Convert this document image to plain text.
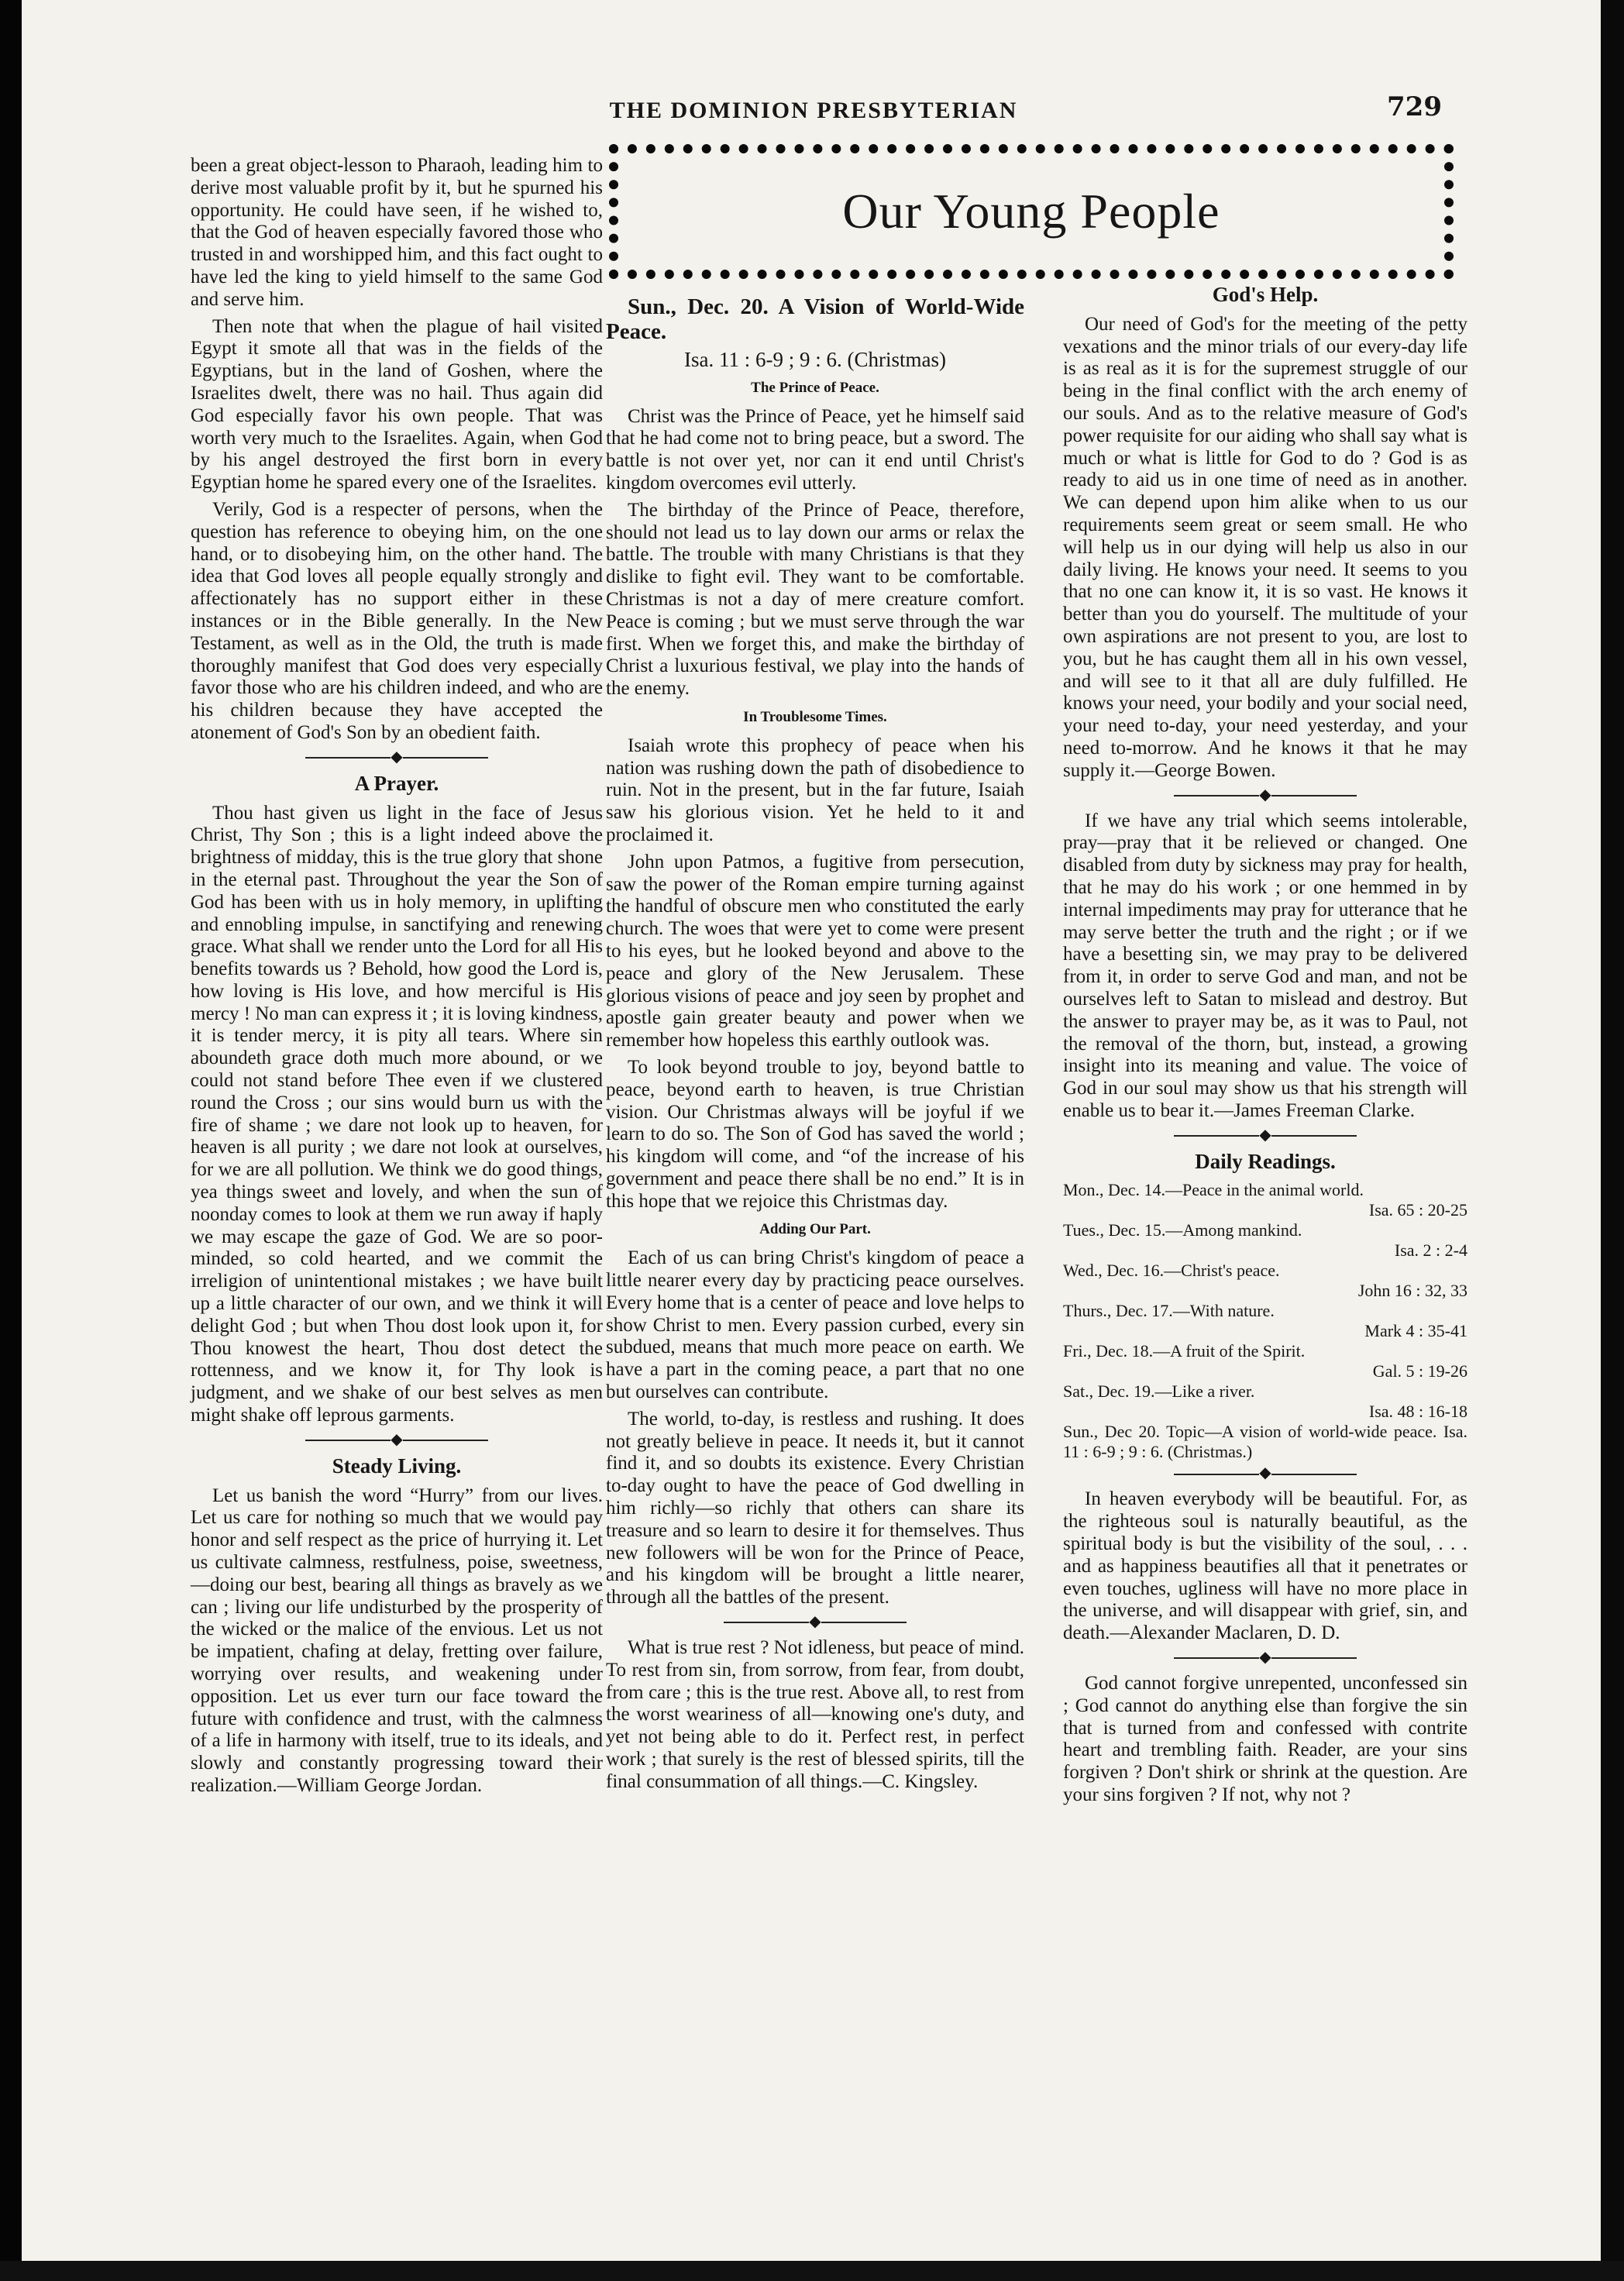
THE DOMINION PRESBYTERIAN	729
Our Young People

been a great object-lesson to Pharaoh, leading him to derive most valuable profit by it, but he spurned his opportunity. He could have seen, if he wished to, that the God of heaven especially favored those who trusted in and worshipped him, and this fact ought to have led the king to yield himself to the same God and serve him.

Then note that when the plague of hail visited Egypt it smote all that was in the fields of the Egyptians, but in the land of Goshen, where the Israelites dwelt, there was no hail. Thus again did God especially favor his own people. That was worth very much to the Israelites. Again, when God by his angel destroyed the first born in every Egyptian home he spared every one of the Israelites.

Verily, God is a respecter of persons, when the question has reference to obeying him, on the one hand, or to disobeying him, on the other hand. The idea that God loves all people equally strongly and affectionately has no support either in these instances or in the Bible generally. In the New Testament, as well as in the Old, the truth is made thoroughly manifest that God does very especially favor those who are his children indeed, and who are his children because they have accepted the atonement of God's Son by an obedient faith.

◆
A Prayer.

Thou hast given us light in the face of Jesus Christ, Thy Son ; this is a light indeed above the brightness of midday, this is the true glory that shone in the eternal past. Throughout the year the Son of God has been with us in holy memory, in uplifting and ennobling impulse, in sanctifying and renewing grace. What shall we render unto the Lord for all His benefits towards us ? Behold, how good the Lord is, how loving is His love, and how merciful is His mercy ! No man can express it ; it is loving kindness, it is tender mercy, it is pity all tears. Where sin aboundeth grace doth much more abound, or we could not stand before Thee even if we clustered round the Cross ; our sins would burn us with the fire of shame ; we dare not look up to heaven, for heaven is all purity ; we dare not look at ourselves, for we are all pollution. We think we do good things, yea things sweet and lovely, and when the sun of noonday comes to look at them we run away if haply we may escape the gaze of God. We are so poor-minded, so cold hearted, and we commit the irreligion of unintentional mistakes ; we have built up a little character of our own, and we think it will delight God ; but when Thou dost look upon it, for Thou knowest the heart, Thou dost detect the rottenness, and we know it, for Thy look is judgment, and we shake of our best selves as men might shake off leprous garments.

◆
Steady Living.

Let us banish the word “Hurry” from our lives. Let us care for nothing so much that we would pay honor and self respect as the price of hurrying it. Let us cultivate calmness, restfulness, poise, sweetness,—doing our best, bearing all things as bravely as we can ; living our life undisturbed by the prosperity of the wicked or the malice of the envious. Let us not be impatient, chafing at delay, fretting over failure, worrying over results, and weakening under opposition. Let us ever turn our face toward the future with confidence and trust, with the calmness of a life in harmony with itself, true to its ideals, and slowly and constantly progressing toward their realization.—William George Jordan.

Sun., Dec. 20. A Vision of World-Wide Peace.

Isa. 11 : 6-9 ; 9 : 6. (Christmas)
The Prince of Peace.

Christ was the Prince of Peace, yet he himself said that he had come not to bring peace, but a sword. The battle is not over yet, nor can it end until Christ's kingdom overcomes evil utterly.

The birthday of the Prince of Peace, therefore, should not lead us to lay down our arms or relax the battle. The trouble with many Christians is that they dislike to fight evil. They want to be comfortable. Christmas is not a day of mere creature comfort. Peace is coming ; but we must serve through the war first. When we forget this, and make the birthday of Christ a luxurious festival, we play into the hands of the enemy.

In Troublesome Times.

Isaiah wrote this prophecy of peace when his nation was rushing down the path of disobedience to ruin. Not in the present, but in the far future, Isaiah saw his glorious vision. Yet he held to it and proclaimed it.

John upon Patmos, a fugitive from persecution, saw the power of the Roman empire turning against the handful of obscure men who constituted the early church. The woes that were yet to come were present to his eyes, but he looked beyond and above to the peace and glory of the New Jerusalem. These glorious visions of peace and joy seen by prophet and apostle gain greater beauty and power when we remember how hopeless this earthly outlook was.

To look beyond trouble to joy, beyond battle to peace, beyond earth to heaven, is true Christian vision. Our Christmas always will be joyful if we learn to do so. The Son of God has saved the world ; his kingdom will come, and “of the increase of his government and peace there shall be no end.” It is in this hope that we rejoice this Christmas day.

Adding Our Part.

Each of us can bring Christ's kingdom of peace a little nearer every day by practicing peace ourselves. Every home that is a center of peace and love helps to show Christ to men. Every passion curbed, every sin subdued, means that much more peace on earth. We have a part in the coming peace, a part that no one but ourselves can contribute.

The world, to-day, is restless and rushing. It does not greatly believe in peace. It needs it, but it cannot find it, and so doubts its existence. Every Christian to-day ought to have the peace of God dwelling in him richly—so richly that others can share its treasure and so learn to desire it for themselves. Thus new followers will be won for the Prince of Peace, and his kingdom will be brought a little nearer, through all the battles of the present.

◆

What is true rest ? Not idleness, but peace of mind. To rest from sin, from sorrow, from fear, from doubt, from care ; this is the true rest. Above all, to rest from the worst weariness of all—knowing one's duty, and yet not being able to do it. Perfect rest, in perfect work ; that surely is the rest of blessed spirits, till the final consummation of all things.—C. Kingsley.

God's Help.

Our need of God's for the meeting of the petty vexations and the minor trials of our every-day life is as real as it is for the supremest struggle of our being in the final conflict with the arch enemy of our souls. And as to the relative measure of God's power requisite for our aiding who shall say what is much or what is little for God to do ? God is as ready to aid us in one time of need as in another. We can depend upon him alike when to us our requirements seem great or seem small. He who will help us in our dying will help us also in our daily living. He knows your need. It seems to you that no one can know it, it is so vast. He knows it better than you do yourself. The multitude of your own aspirations are not present to you, are lost to you, but he has caught them all in his own vessel, and will see to it that all are duly fulfilled. He knows your need, your bodily and your social need, your need to-day, your need yesterday, and your need to-morrow. And he knows it that he may supply it.—George Bowen.

◆

If we have any trial which seems intolerable, pray—pray that it be relieved or changed. One disabled from duty by sickness may pray for health, that he may do his work ; or one hemmed in by internal impediments may pray for utterance that he may serve better the truth and the right ; or if we have a besetting sin, we may pray to be delivered from it, in order to serve God and man, and not be ourselves left to Satan to mislead and destroy. But the answer to prayer may be, as it was to Paul, not the removal of the thorn, but, instead, a growing insight into its meaning and value. The voice of God in our soul may show us that his strength will enable us to bear it.—James Freeman Clarke.

◆
Daily Readings.
Mon., Dec. 14.—Peace in the animal world.
Isa. 65 : 20-25
Tues., Dec. 15.—Among mankind.
Isa. 2 : 2-4
Wed., Dec. 16.—Christ's peace.
John 16 : 32, 33
Thurs., Dec. 17.—With nature.
Mark 4 : 35-41
Fri., Dec. 18.—A fruit of the Spirit.
Gal. 5 : 19-26
Sat., Dec. 19.—Like a river.
Isa. 48 : 16-18
Sun., Dec 20. Topic—A vision of world-wide peace. Isa. 11 : 6-9 ; 9 : 6. (Christmas.)
◆

In heaven everybody will be beautiful. For, as the righteous soul is naturally beautiful, as the spiritual body is but the visibility of the soul, . . . and as happiness beautifies all that it penetrates or even touches, ugliness will have no more place in the universe, and will disappear with grief, sin, and death.—Alexander Maclaren, D. D.

◆

God cannot forgive unrepented, unconfessed sin ; God cannot do anything else than forgive the sin that is turned from and confessed with contrite heart and trembling faith. Reader, are your sins forgiven ? Don't shirk or shrink at the question. Are your sins forgiven ? If not, why not ?
